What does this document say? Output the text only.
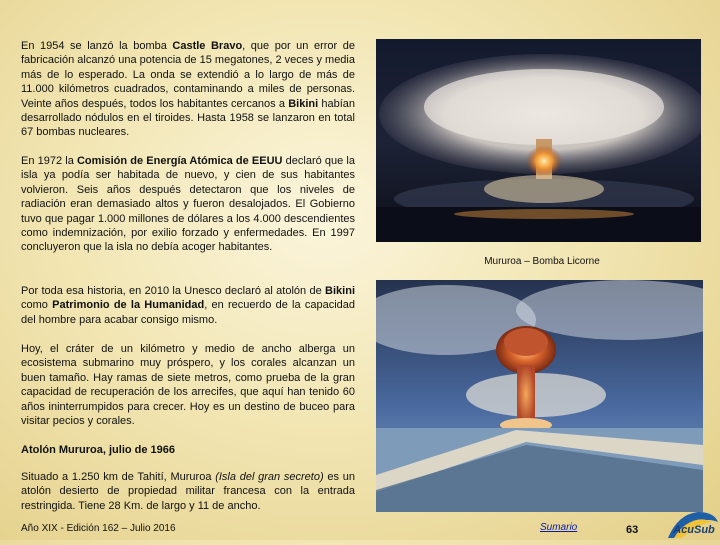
En 1954 se lanzó la bomba Castle Bravo, que por un error de fabricación alcanzó una potencia de 15 megatones, 2 veces y media más de lo esperado. La onda se extendió a lo largo de más de 11.000 kilómetros cuadrados, contaminando a miles de personas. Veinte años después, todos los habitantes cercanos a Bikini habían desarrollado nódulos en el tiroides. Hasta 1958 se lanzaron en total 67 bombas nucleares.

En 1972 la Comisión de Energía Atómica de EEUU declaró que la isla ya podía ser habitada de nuevo, y cien de sus habitantes volvieron. Seis años después detectaron que los niveles de radiación eran demasiado altos y fueron desalojados. El Gobierno tuvo que pagar 1.000 millones de dólares a los 4.000 descendientes como indemnización, por exilio forzado y enfermedades. En 1997 concluyeron que la isla no debía acoger habitantes.

Por toda esa historia, en 2010 la Unesco declaró al atolón de Bikini como Patrimonio de la Humanidad, en recuerdo de la capacidad del hombre para acabar consigo mismo.

Hoy, el cráter de un kilómetro y medio de ancho alberga un ecosistema submarino muy próspero, y los corales alcanzan un buen tamaño. Hay ramas de siete metros, como prueba de la gran capacidad de recuperación de los arrecifes, que aquí han tenido 60 años ininterrumpidos para crecer. Hoy es un destino de buceo para visitar pecios y corales.

Atolón Mururoa, julio de 1966

Situado a 1.250 km de Tahití, Mururoa (Isla del gran secreto) es un atolón desierto de propiedad militar francesa con la entrada restringida. Tiene 28 Km. de largo y 11 de ancho.

Mururoa – Bomba Licorne
Año XIX - Edición 162 – Julio 2016	Sumario	63	AcuSub
